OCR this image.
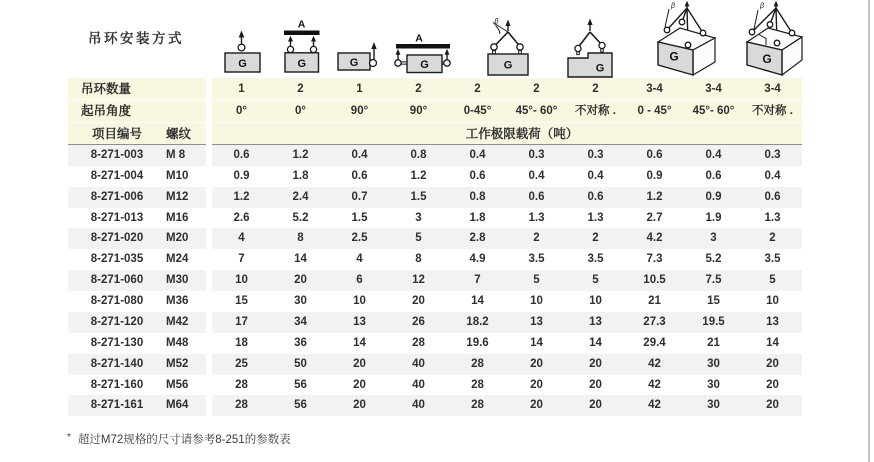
吊环安装方式
G
A
G	G
A
G
β
G	G
β
G
β
G
吊环数量	1	2	1	2	2	2	2	3-4	3-4	3-4
起吊角度	0°	0°	90°	90°	0-45°	45°- 60°	不对称 .	0 - 45°	45°- 60°	不对称 .
项目编号	螺纹	工作极限载荷（吨）
8-271-003	M 8	0.6	1.2	0.4	0.8	0.4	0.3	0.3	0.6	0.4	0.3
8-271-004	M10	0.9	1.8	0.6	1.2	0.6	0.4	0.4	0.9	0.6	0.4
8-271-006	M12	1.2	2.4	0.7	1.5	0.8	0.6	0.6	1.2	0.9	0.6
8-271-013	M16	2.6	5.2	1.5	3	1.8	1.3	1.3	2.7	1.9	1.3
8-271-020	M20	4	8	2.5	5	2.8	2	2	4.2	3	2
8-271-035	M24	7	14	4	8	4.9	3.5	3.5	7.3	5.2	3.5
8-271-060	M30	10	20	6	12	7	5	5	10.5	7.5	5
8-271-080	M36	15	30	10	20	14	10	10	21	15	10
8-271-120	M42	17	34	13	26	18.2	13	13	27.3	19.5	13
8-271-130	M48	18	36	14	28	19.6	14	14	29.4	21	14
8-271-140	M52	25	50	20	40	28	20	20	42	30	20
8-271-160	M56	28	56	20	40	28	20	20	42	30	20
8-271-161	M64	28	56	20	40	28	20	20	42	30	20
* 超过M72规格的尺寸请参考8-251的参数表
